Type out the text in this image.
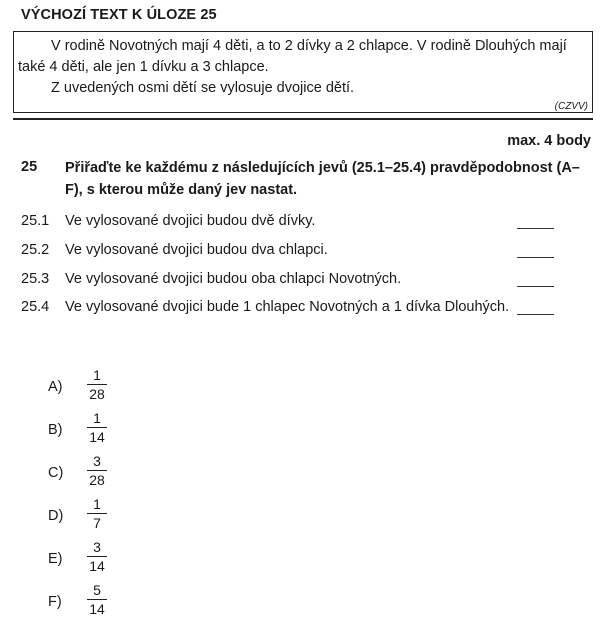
VÝCHOZÍ TEXT K ÚLOZE 25
V rodině Novotných mají 4 děti, a to 2 dívky a 2 chlapce. V rodině Dlouhých mají také 4 děti, ale jen 1 dívku a 3 chlapce.
Z uvedených osmi dětí se vylosuje dvojice dětí.
(CZVV)
max. 4 body
25 Přiřaďte ke každému z následujících jevů (25.1–25.4) pravděpodobnost (A–F), s kterou může daný jev nastat.
25.1 Ve vylosované dvojici budou dvě dívky.
25.2 Ve vylosované dvojici budou dva chlapci.
25.3 Ve vylosované dvojici budou oba chlapci Novotných.
25.4 Ve vylosované dvojici bude 1 chlapec Novotných a 1 dívka Dlouhých.
A)
1
28
B)
1
14
C)
3
28
D)
1
7
E)
3
14
F)
5
14
